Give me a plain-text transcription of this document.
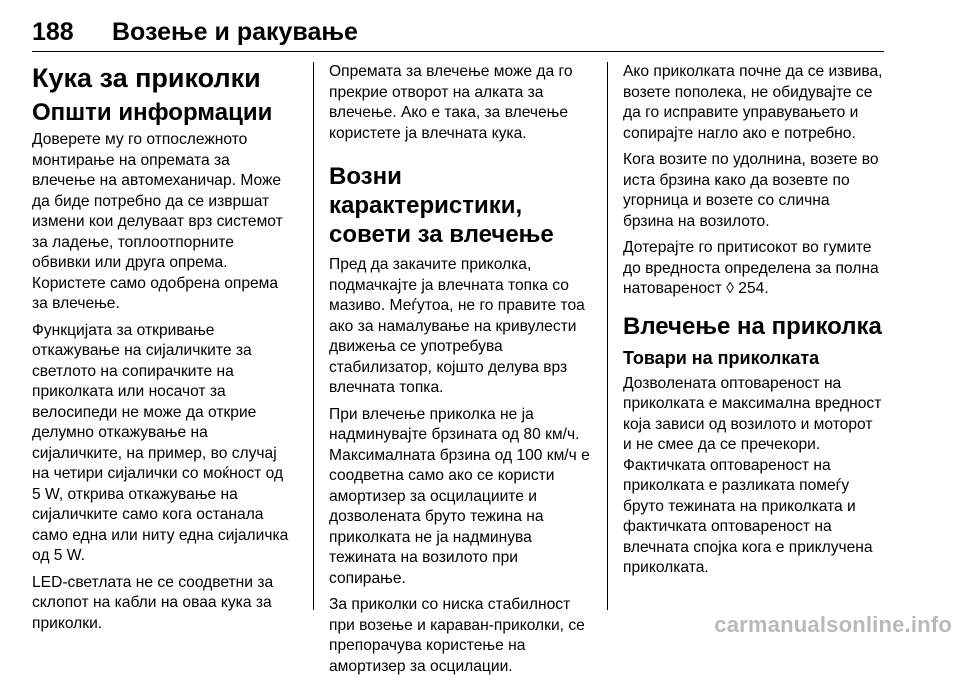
188 Возење и ракување
Кука за приколки
Општи информации
Доверете му го отпослежното
монтирање на опремата за
влечење на автомеханичар. Може
да биде потребно да се извршат
измени кои делуваат врз системот
за ладење, топлоотпорните
обвивки или друга опрема.
Користете само одобрена опрема
за влечење.
Функцијата за откривање
откажување на сијаличките за
светлото на сопирачките на
приколката или носачот за
велосипеди не може да открие
делумно откажување на
сијаличките, на пример, во случај
на четири сијалички со моќност од
5 W, открива откажување на
сијаличките само кога останала
само една или ниту една сијаличка
од 5 W.
LED-светлата не се соодветни за
склопот на кабли на оваа кука за
приколки.
Опремата за влечење може да го
прекрие отворот на алката за
влечење. Ако е така, за влечење
користете ја влечната кука.
Возни карактеристики,
совети за влечење
Пред да закачите приколка,
подмачкајте ја влечната топка со
мазиво. Меѓутоа, не го правите тоа
ако за намалување на кривулести
движења се употребува
стабилизатор, којшто делува врз
влечната топка.
При влечење приколка не ја
надминувајте брзината од 80 км/ч.
Максималната брзина од 100 км/ч е
соодветна само ако се користи
амортизер за осцилациите и
дозволената бруто тежина на
приколката не ја надминува
тежината на возилото при
сопирање.
За приколки со ниска стабилност
при возење и караван-приколки, се
препорачува користење на
амортизер за осцилации.
Ако приколката почне да се извива,
возете пополека, не обидувајте се
да го исправите управувањето и
сопирајте нагло ако е потребно.
Кога возите по удолнина, возете во
иста брзина како да возевте по
угорница и возете со слична
брзина на возилото.
Дотерајте го притисокот во гумите
до вредноста определена за полна
натовареност ◊ 254.
Влечење на приколка
Товари на приколката
Дозволената оптовареност на
приколката е максимална вредност
која зависи од возилото и моторот
и не смее да се пречекори.
Фактичката оптовареност на
приколката е разликата помеѓу
бруто тежината на приколката и
фактичката оптовареност на
влечната спојка кога е приклучена
приколката.
carmanualsonline.info
